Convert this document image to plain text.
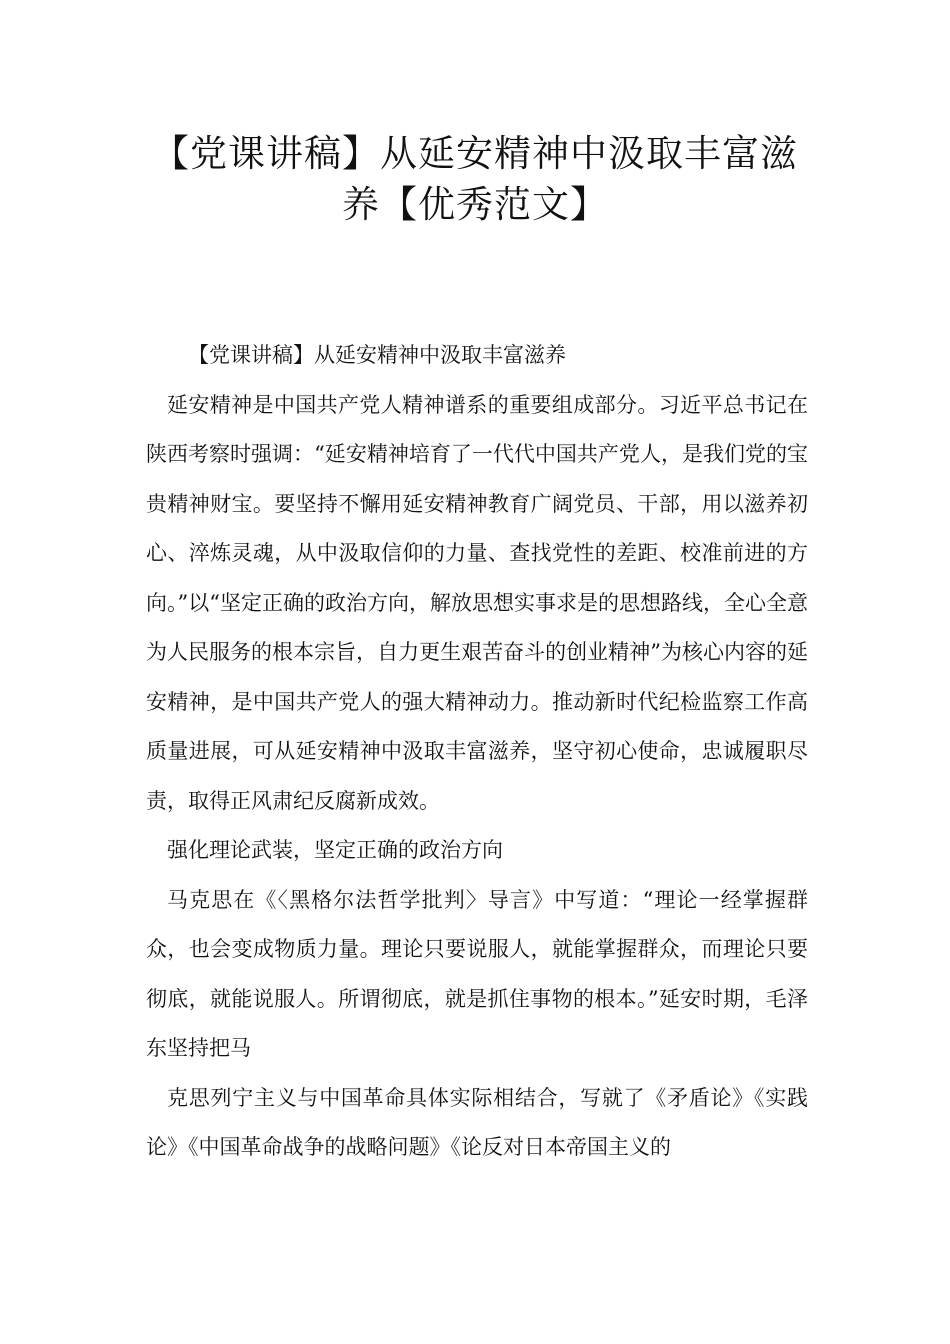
【党课讲稿】从延安精神中汲取丰富滋
养【优秀范文】

【党课讲稿】从延安精神中汲取丰富滋养

延安精神是中国共产党人精神谱系的重要组成部分。习近平总书记在陕西考察时强调：“延安精神培育了一代代中国共产党人，是我们党的宝贵精神财宝。要坚持不懈用延安精神教育广阔党员、干部，用以滋养初心、淬炼灵魂，从中汲取信仰的力量、查找党性的差距、校准前进的方向。”以“坚定正确的政治方向，解放思想实事求是的思想路线，全心全意为人民服务的根本宗旨，自力更生艰苦奋斗的创业精神”为核心内容的延安精神，是中国共产党人的强大精神动力。推动新时代纪检监察工作高质量进展，可从延安精神中汲取丰富滋养，坚守初心使命，忠诚履职尽责，取得正风肃纪反腐新成效。

强化理论武装，坚定正确的政治方向

马克思在《〈黑格尔法哲学批判〉导言》中写道：“理论一经掌握群众，也会变成物质力量。理论只要说服人，就能掌握群众，而理论只要彻底，就能说服人。所谓彻底，就是抓住事物的根本。”延安时期，毛泽东坚持把马

克思列宁主义与中国革命具体实际相结合，写就了《矛盾论》《实践论》《中国革命战争的战略问题》《论反对日本帝国主义的
